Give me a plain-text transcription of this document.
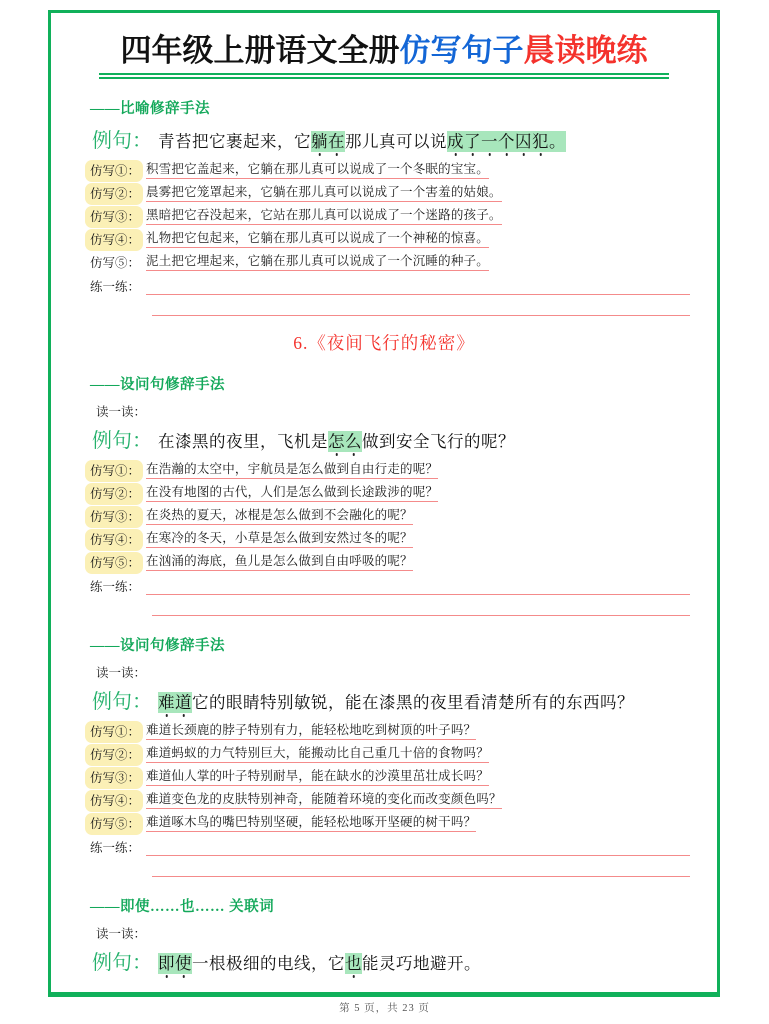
四年级上册语文全册仿写句子晨读晚练
——比喻修辞手法
例句： 青苔把它裹起来，它躺在那儿真可以说成了一个囚犯。
仿写①： 积雪把它盖起来，它躺在那儿真可以说成了一个冬眠的宝宝。
仿写②： 晨雾把它笼罩起来，它躺在那儿真可以说成了一个害羞的姑娘。
仿写③： 黑暗把它吞没起来，它站在那儿真可以说成了一个迷路的孩子。
仿写④： 礼物把它包起来，它躺在那儿真可以说成了一个神秘的惊喜。
仿写⑤： 泥土把它埋起来，它躺在那儿真可以说成了一个沉睡的种子。
练一练：
6.《夜间飞行的秘密》
——设问句修辞手法
读一读：
例句： 在漆黑的夜里，飞机是怎么做到安全飞行的呢？
仿写①： 在浩瀚的太空中，宇航员是怎么做到自由行走的呢？
仿写②： 在没有地图的古代，人们是怎么做到长途跋涉的呢？
仿写③： 在炎热的夏天，冰棍是怎么做到不会融化的呢？
仿写④： 在寒冷的冬天，小草是怎么做到安然过冬的呢？
仿写⑤： 在汹涌的海底，鱼儿是怎么做到自由呼吸的呢？
练一练：
——设问句修辞手法
读一读：
例句： 难道它的眼睛特别敏锐，能在漆黑的夜里看清楚所有的东西吗？
仿写①： 难道长颈鹿的脖子特别有力，能轻松地吃到树顶的叶子吗？
仿写②： 难道蚂蚁的力气特别巨大，能搬动比自己重几十倍的食物吗？
仿写③： 难道仙人掌的叶子特别耐旱，能在缺水的沙漠里茁壮成长吗？
仿写④： 难道变色龙的皮肤特别神奇，能随着环境的变化而改变颜色吗？
仿写⑤： 难道啄木鸟的嘴巴特别坚硬，能轻松地啄开坚硬的树干吗？
练一练：
——即使……也…… 关联词
读一读：
例句： 即使一根极细的电线，它也能灵巧地避开。
第 5 页，共 23 页
